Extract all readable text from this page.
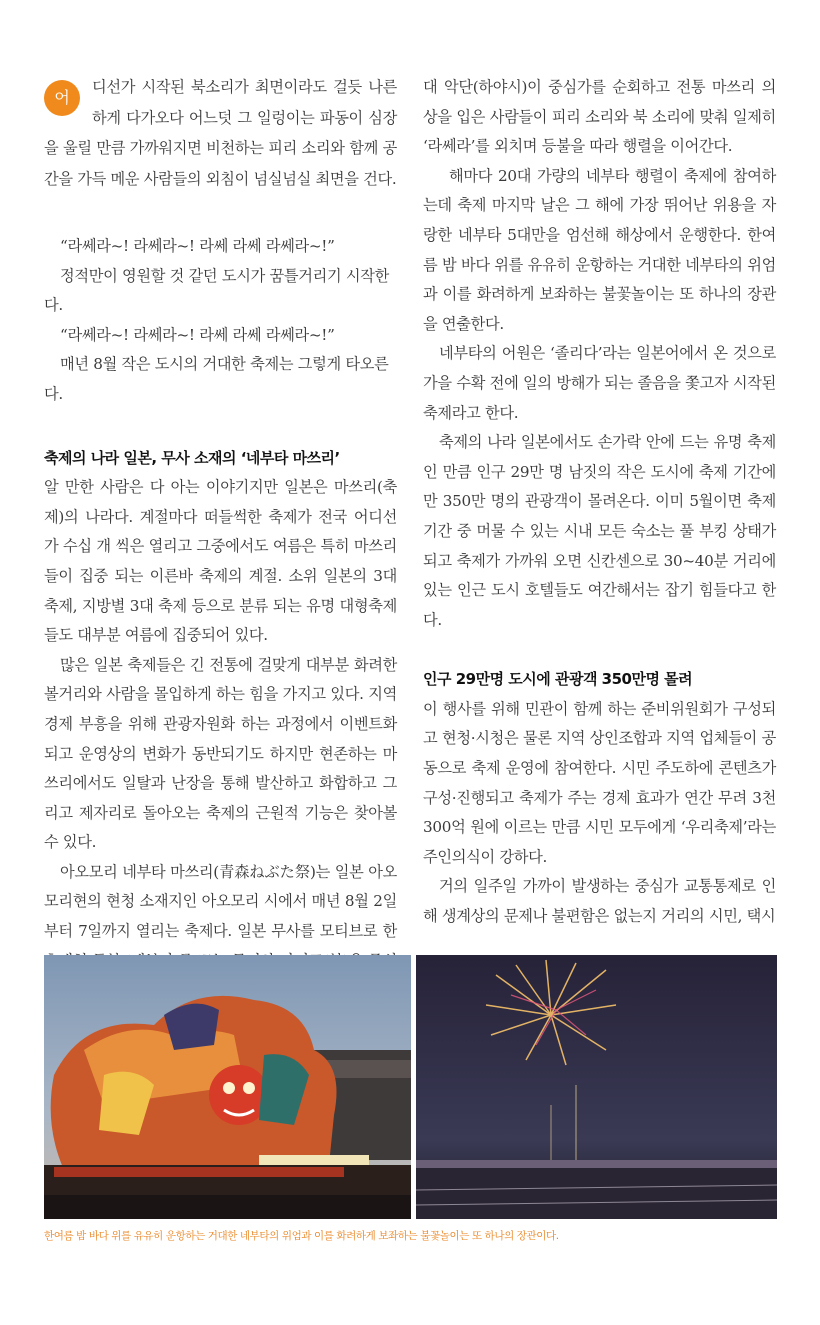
어
디선가 시작된 북소리가 최면이라도 걸듯 나른하게 다가오다 어느덧 그 일렁이는 파동이 심장을 울릴 만큼 가까워지면 비천하는 피리 소리와 함께 공간을 가득 메운 사람들의 외침이 넘실넘실 최면을 건다.

“라쎄라~! 라쎄라~! 라쎄 라쎄 라쎄라~!”
정적만이 영원할 것 같던 도시가 꿈틀거리기 시작한다.
“라쎄라~! 라쎄라~! 라쎄 라쎄 라쎄라~!”
매년 8월 작은 도시의 거대한 축제는 그렇게 타오른다.
축제의 나라 일본, 무사 소재의 ‘네부타 마쓰리’

알 만한 사람은 다 아는 이야기지만 일본은 마쓰리(축제)의 나라다. 계절마다 떠들썩한 축제가 전국 어디선가 수십 개 씩은 열리고 그중에서도 여름은 특히 마쓰리들이 집중 되는 이른바 축제의 계절. 소위 일본의 3대 축제, 지방별 3대 축제 등으로 분류 되는 유명 대형축제들도 대부분 여름에 집중되어 있다.

많은 일본 축제들은 긴 전통에 걸맞게 대부분 화려한 볼거리와 사람을 몰입하게 하는 힘을 가지고 있다. 지역경제 부흥을 위해 관광자원화 하는 과정에서 이벤트화되고 운영상의 변화가 동반되기도 하지만 현존하는 마쓰리에서도 일탈과 난장을 통해 발산하고 화합하고 그리고 제자리로 돌아오는 축제의 근원적 기능은 찾아볼 수 있다.

아오모리 네부타 마쓰리(青森ねぶた祭)는 일본 아오모리현의 현청 소재지인 아오모리 시에서 매년 8월 2일부터 7일까지 열리는 축제다. 일본 무사를 모티브로 한

대 악단(하야시)이 중심가를 순회하고 전통 마쓰리 의상을 입은 사람들이 피리 소리와 북 소리에 맞춰 일제히 ‘라쎄라’를 외치며 등불을 따라 행렬을 이어간다.

해마다 20대 가량의 네부타 행렬이 축제에 참여하는데 축제 마지막 날은 그 해에 가장 뛰어난 위용을 자랑한 네부타 5대만을 엄선해 해상에서 운행한다. 한여름 밤 바다 위를 유유히 운항하는 거대한 네부타의 위엄과 이를 화려하게 보좌하는 불꽃놀이는 또 하나의 장관을 연출한다.

네부타의 어원은 ‘졸리다’라는 일본어에서 온 것으로 가을 수확 전에 일의 방해가 되는 졸음을 쫓고자 시작된 축제라고 한다.

축제의 나라 일본에서도 손가락 안에 드는 유명 축제인 만큼 인구 29만 명 남짓의 작은 도시에 축제 기간에만 350만 명의 관광객이 몰려온다. 이미 5월이면 축제기간 중 머물 수 있는 시내 모든 숙소는 풀 부킹 상태가 되고 축제가 가까워 오면 신칸센으로 30~40분 거리에 있는 인근 도시 호텔들도 여간해서는 잡기 힘들다고 한다.

인구 29만명 도시에 관광객 350만명 몰려

이 행사를 위해 민관이 함께 하는 준비위원회가 구성되고 현청·시청은 물론 지역 상인조합과 지역 업체들이 공동으로 축제 운영에 참여한다. 시민 주도하에 콘텐츠가 구성·진행되고 축제가 주는 경제 효과가 연간 무려 3천 300억 원에 이르는 만큼 시민 모두에게 ‘우리축제’라는 주인의식이 강하다.

거의 일주일 가까이 발생하는 중심가 교통통제로 인해 생계상의 문제나 불편함은 없는지 거리의 시민, 택시

한여름 밤 바다 위를 유유히 운항하는 거대한 네부타의 위엄과 이를 화려하게 보좌하는 불꽃놀이는 또 하나의 장관이다.
